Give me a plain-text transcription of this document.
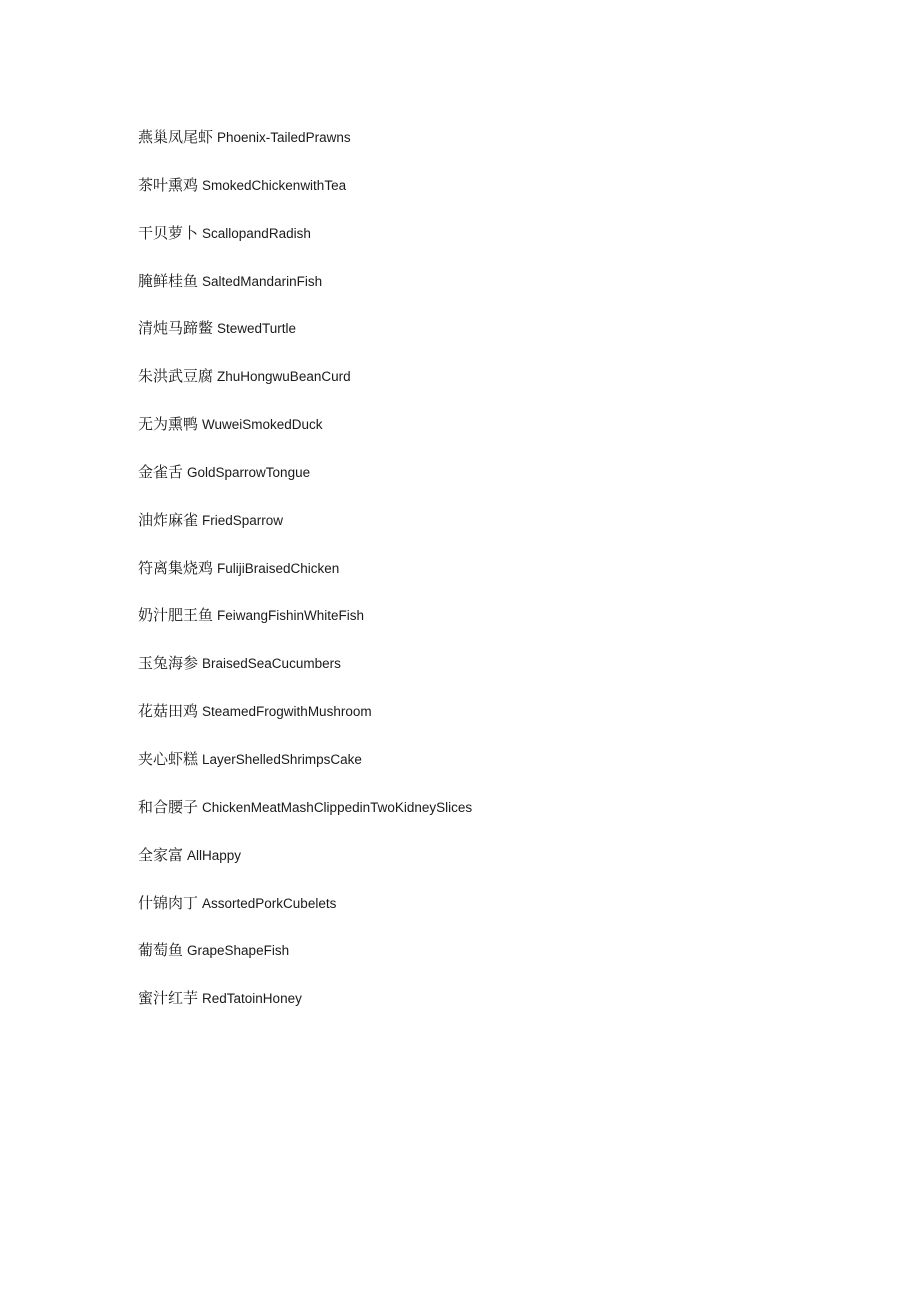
燕巢凤尾虾 Phoenix-TailedPrawns
茶叶熏鸡 SmokedChickenwithTea
干贝萝卜 ScallopandRadish
腌鲜桂鱼 SaltedMandarinFish
清炖马蹄鳖 StewedTurtle
朱洪武豆腐 ZhuHongwuBeanCurd
无为熏鸭 WuweiSmokedDuck
金雀舌 GoldSparrowTongue
油炸麻雀 FriedSparrow
符离集烧鸡 FulijiBraisedChicken
奶汁肥王鱼 FeiwangFishinWhiteFish
玉兔海参 BraisedSeaCucumbers
花菇田鸡 SteamedFrogwithMushroom
夹心虾糕 LayerShelledShrimpsCake
和合腰子 ChickenMeatMashClippedinTwoKidneySlices
全家富 AllHappy
什锦肉丁 AssortedPorkCubelets
葡萄鱼 GrapeShapeFish
蜜汁红芋 RedTatoinHoney
